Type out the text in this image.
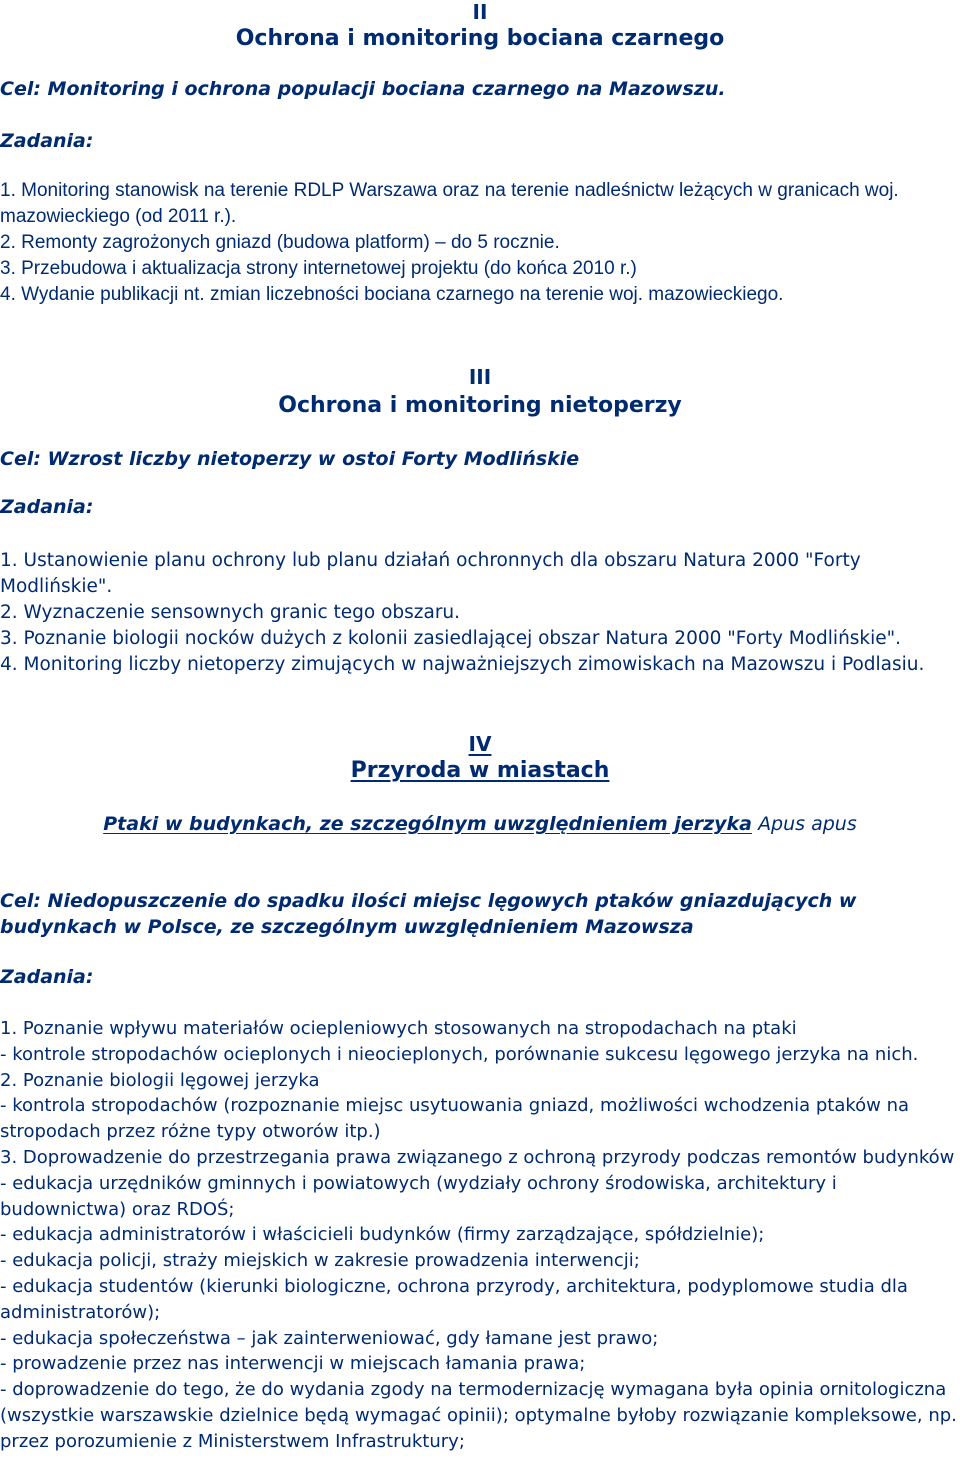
II
Ochrona i monitoring bociana czarnego
Cel: Monitoring i ochrona populacji bociana czarnego na Mazowszu.
Zadania:

1. Monitoring stanowisk na terenie RDLP Warszawa oraz na terenie nadleśnictw leżących w granicach woj. mazowieckiego (od 2011 r.).

2. Remonty zagrożonych gniazd (budowa platform) – do 5 rocznie.

3. Przebudowa i aktualizacja strony internetowej projektu (do końca 2010 r.)

4. Wydanie publikacji nt. zmian liczebności bociana czarnego na terenie woj. mazowieckiego.

III
Ochrona i monitoring nietoperzy
Cel: Wzrost liczby nietoperzy w ostoi Forty Modlińskie
Zadania:

1. Ustanowienie planu ochrony lub planu działań ochronnych dla obszaru Natura 2000 "Forty Modlińskie".

2. Wyznaczenie sensownych granic tego obszaru.

3. Poznanie biologii nocków dużych z kolonii zasiedlającej obszar Natura 2000 "Forty Modlińskie".

4. Monitoring liczby nietoperzy zimujących w najważniejszych zimowiskach na Mazowszu i Podlasiu.

IV
Przyroda w miastach
Ptaki w budynkach, ze szczególnym uwzględnieniem jerzyka Apus apus
Cel: Niedopuszczenie do spadku ilości miejsc lęgowych ptaków gniazdujących w budynkach w Polsce, ze szczególnym uwzględnieniem Mazowsza
Zadania:

1. Poznanie wpływu materiałów ociepleniowych stosowanych na stropodachach na ptaki

- kontrole stropodachów ocieplonych i nieocieplonych, porównanie sukcesu lęgowego jerzyka na nich.

2. Poznanie biologii lęgowej jerzyka

- kontrola stropodachów (rozpoznanie miejsc usytuowania gniazd, możliwości wchodzenia ptaków na stropodach przez różne typy otworów itp.)

3. Doprowadzenie do przestrzegania prawa związanego z ochroną przyrody podczas remontów budynków

- edukacja urzędników gminnych i powiatowych (wydziały ochrony środowiska, architektury i budownictwa) oraz RDOŚ;

- edukacja administratorów i właścicieli budynków (firmy zarządzające, spółdzielnie);

- edukacja policji, straży miejskich w zakresie prowadzenia interwencji;

- edukacja studentów (kierunki biologiczne, ochrona przyrody, architektura, podyplomowe studia dla administratorów);

- edukacja społeczeństwa – jak zainterweniować, gdy łamane jest prawo;

- prowadzenie przez nas interwencji w miejscach łamania prawa;

- doprowadzenie do tego, że do wydania zgody na termodernizację wymagana była opinia ornitologiczna (wszystkie warszawskie dzielnice będą wymagać opinii); optymalne byłoby rozwiązanie kompleksowe, np. przez porozumienie z Ministerstwem Infrastruktury;
